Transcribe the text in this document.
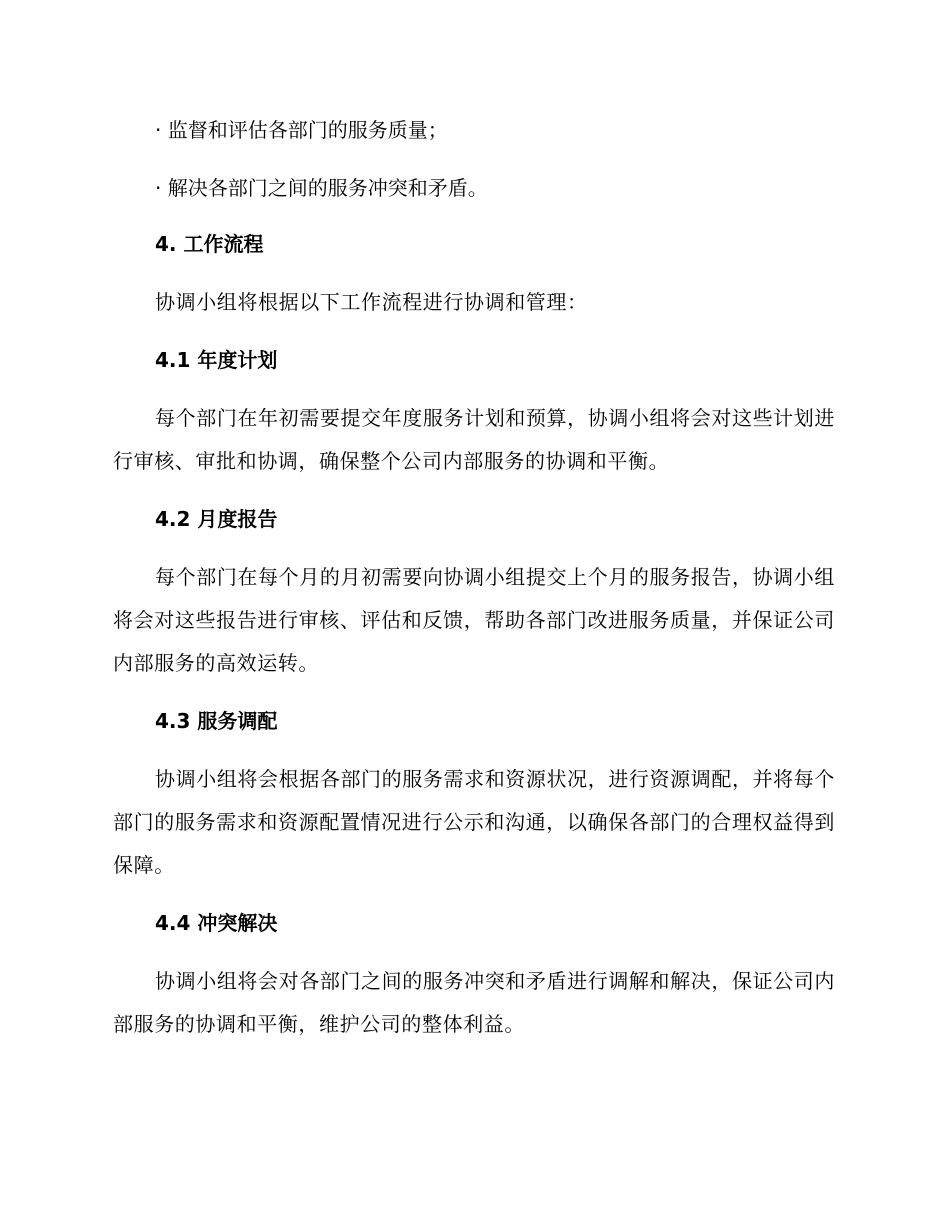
· 监督和评估各部门的服务质量；

· 解决各部门之间的服务冲突和矛盾。

4. 工作流程

协调小组将根据以下工作流程进行协调和管理：

4.1 年度计划

每个部门在年初需要提交年度服务计划和预算，协调小组将会对这些计划进行审核、审批和协调，确保整个公司内部服务的协调和平衡。

4.2 月度报告

每个部门在每个月的月初需要向协调小组提交上个月的服务报告，协调小组将会对这些报告进行审核、评估和反馈，帮助各部门改进服务质量，并保证公司内部服务的高效运转。

4.3 服务调配

协调小组将会根据各部门的服务需求和资源状况，进行资源调配，并将每个部门的服务需求和资源配置情况进行公示和沟通，以确保各部门的合理权益得到保障。

4.4 冲突解决

协调小组将会对各部门之间的服务冲突和矛盾进行调解和解决，保证公司内部服务的协调和平衡，维护公司的整体利益。
